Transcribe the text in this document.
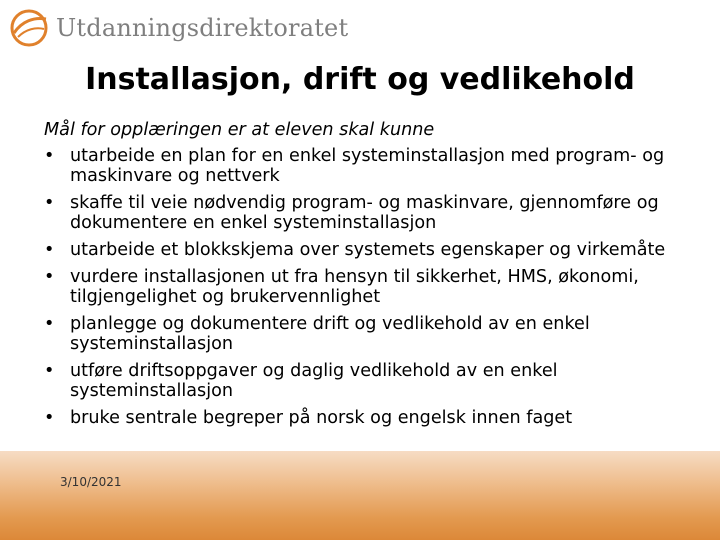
Utdanningsdirektoratet
Installasjon, drift og vedlikehold

Mål for opplæringen er at eleven skal kunne

• utarbeide en plan for en enkel systeminstallasjon med program- og maskinvare og nettverk
• skaffe til veie nødvendig program- og maskinvare, gjennomføre og dokumentere en enkel systeminstallasjon
• utarbeide et blokkskjema over systemets egenskaper og virkemåte
• vurdere installasjonen ut fra hensyn til sikkerhet, HMS, økonomi, tilgjengelighet og brukervennlighet
• planlegge og dokumentere drift og vedlikehold av en enkel systeminstallasjon
• utføre driftsoppgaver og daglig vedlikehold av en enkel systeminstallasjon
• bruke sentrale begreper på norsk og engelsk innen faget
3/10/2021
